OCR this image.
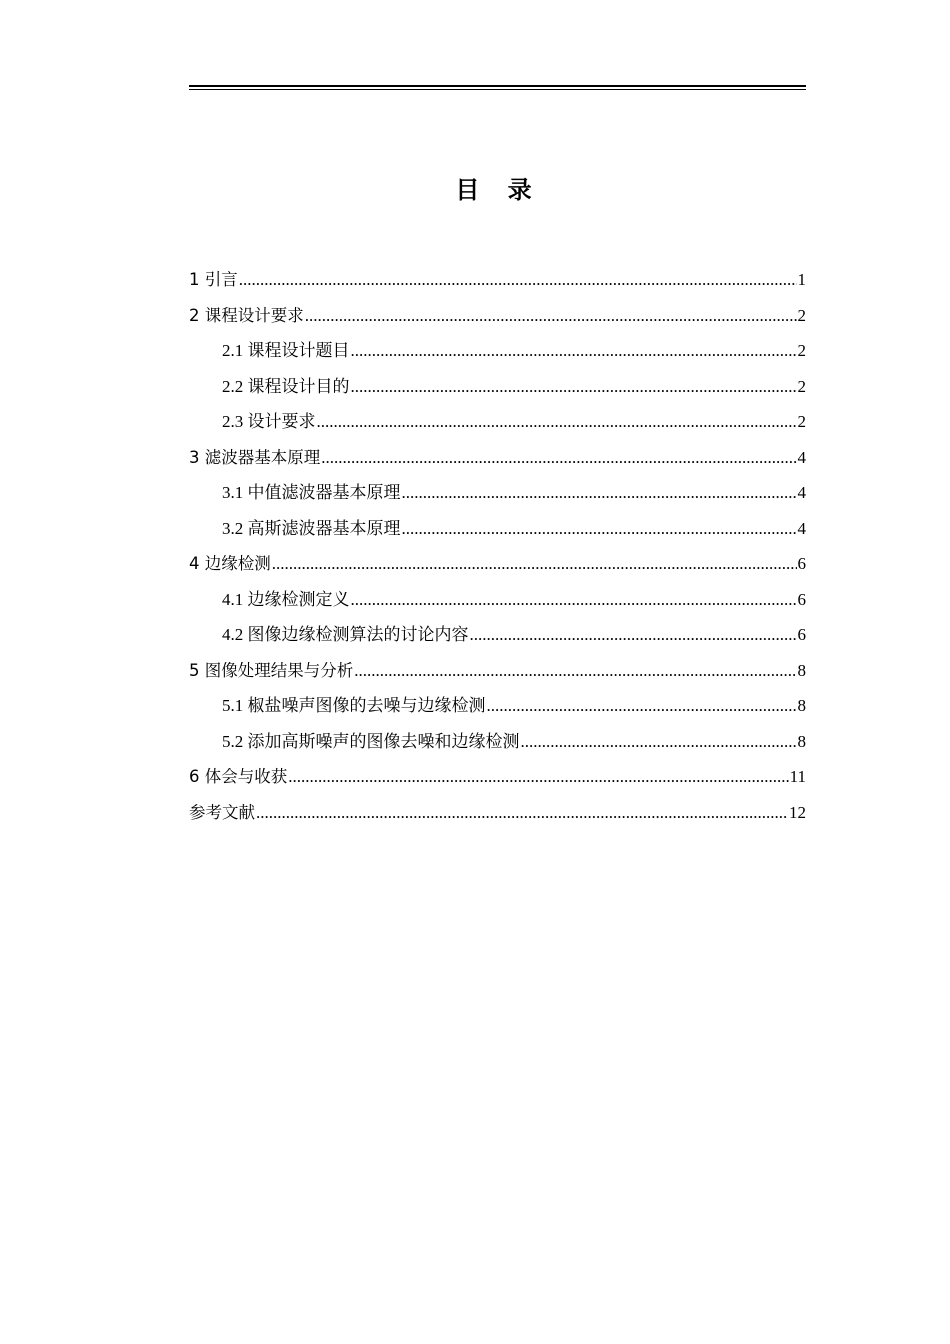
目 录
1 引言 .....	1
2 课程设计要求 .....	2
2.1 课程设计题目 .....	2
2.2 课程设计目的 .....	2
2.3 设计要求 .....	2
3 滤波器基本原理 .....	4
3.1 中值滤波器基本原理 .....	4
3.2 高斯滤波器基本原理 .....	4
4 边缘检测 .....	6
4.1 边缘检测定义 .....	6
4.2 图像边缘检测算法的讨论内容 .....	6
5 图像处理结果与分析 .....	8
5.1 椒盐噪声图像的去噪与边缘检测 .....	8
5.2 添加高斯噪声的图像去噪和边缘检测 .....	8
6 体会与收获 .....	11
参考文献 .....	12
